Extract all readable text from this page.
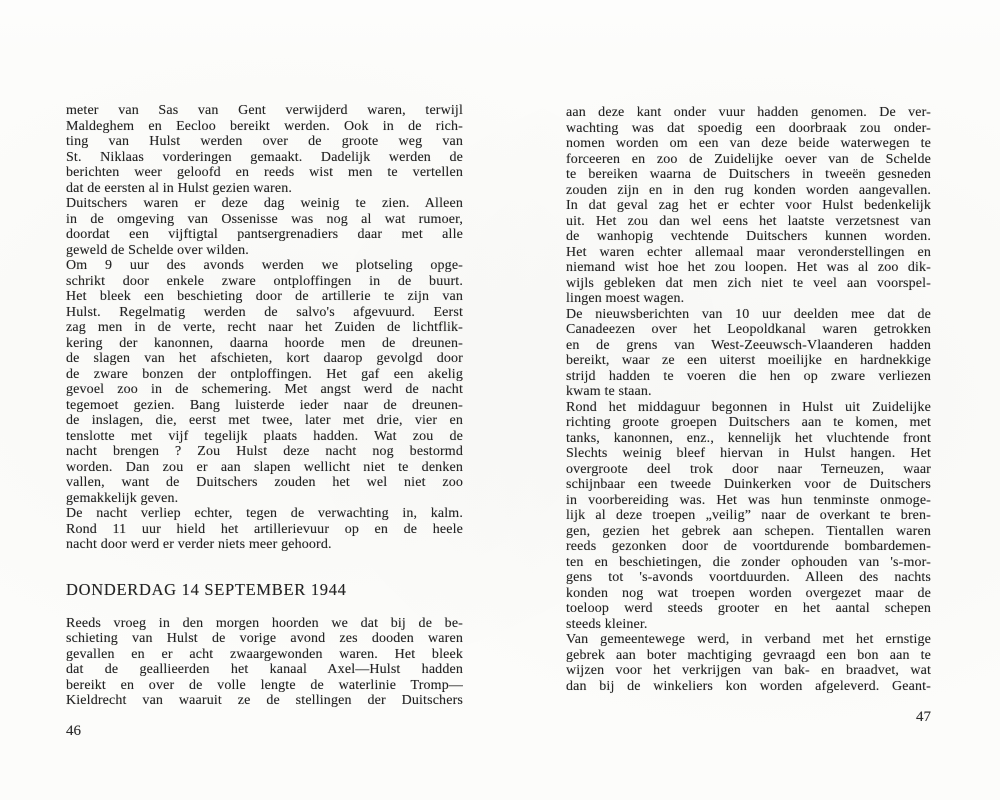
meter van Sas van Gent verwijderd waren, terwijl
Maldeghem en Eecloo bereikt werden. Ook in de rich-
ting van Hulst werden over de groote weg van
St. Niklaas vorderingen gemaakt. Dadelijk werden de
berichten weer geloofd en reeds wist men te vertellen
dat de eersten al in Hulst gezien waren.
Duitschers waren er deze dag weinig te zien. Alleen
in de omgeving van Ossenisse was nog al wat rumoer,
doordat een vijftigtal pantsergrenadiers daar met alle
geweld de Schelde over wilden.
Om 9 uur des avonds werden we plotseling opge-
schrikt door enkele zware ontploffingen in de buurt.
Het bleek een beschieting door de artillerie te zijn van
Hulst. Regelmatig werden de salvo's afgevuurd. Eerst
zag men in de verte, recht naar het Zuiden de lichtflik-
kering der kanonnen, daarna hoorde men de dreunen-
de slagen van het afschieten, kort daarop gevolgd door
de zware bonzen der ontploffingen. Het gaf een akelig
gevoel zoo in de schemering. Met angst werd de nacht
tegemoet gezien. Bang luisterde ieder naar de dreunen-
de inslagen, die, eerst met twee, later met drie, vier en
tenslotte met vijf tegelijk plaats hadden. Wat zou de
nacht brengen ? Zou Hulst deze nacht nog bestormd
worden. Dan zou er aan slapen wellicht niet te denken
vallen, want de Duitschers zouden het wel niet zoo
gemakkelijk geven.
De nacht verliep echter, tegen de verwachting in, kalm.
Rond 11 uur hield het artillerievuur op en de heele
nacht door werd er verder niets meer gehoord.
DONDERDAG 14 SEPTEMBER 1944
Reeds vroeg in den morgen hoorden we dat bij de be-
schieting van Hulst de vorige avond zes dooden waren
gevallen en er acht zwaargewonden waren. Het bleek
dat de geallieerden het kanaal Axel—Hulst hadden
bereikt en over de volle lengte de waterlinie Tromp—
Kieldrecht van waaruit ze de stellingen der Duitschers
46
aan deze kant onder vuur hadden genomen. De ver-
wachting was dat spoedig een doorbraak zou onder-
nomen worden om een van deze beide waterwegen te
forceeren en zoo de Zuidelijke oever van de Schelde
te bereiken waarna de Duitschers in tweeën gesneden
zouden zijn en in den rug konden worden aangevallen.
In dat geval zag het er echter voor Hulst bedenkelijk
uit. Het zou dan wel eens het laatste verzetsnest van
de wanhopig vechtende Duitschers kunnen worden.
Het waren echter allemaal maar veronderstellingen en
niemand wist hoe het zou loopen. Het was al zoo dik-
wijls gebleken dat men zich niet te veel aan voorspel-
lingen moest wagen.
De nieuwsberichten van 10 uur deelden mee dat de
Canadeezen over het Leopoldkanal waren getrokken
en de grens van West-Zeeuwsch-Vlaanderen hadden
bereikt, waar ze een uiterst moeilijke en hardnekkige
strijd hadden te voeren die hen op zware verliezen
kwam te staan.
Rond het middaguur begonnen in Hulst uit Zuidelijke
richting groote groepen Duitschers aan te komen, met
tanks, kanonnen, enz., kennelijk het vluchtende front
Slechts weinig bleef hiervan in Hulst hangen. Het
overgroote deel trok door naar Terneuzen, waar
schijnbaar een tweede Duinkerken voor de Duitschers
in voorbereiding was. Het was hun tenminste onmoge-
lijk al deze troepen „veilig” naar de overkant te bren-
gen, gezien het gebrek aan schepen. Tientallen waren
reeds gezonken door de voortdurende bombardemen-
ten en beschietingen, die zonder ophouden van 's-mor-
gens tot 's-avonds voortduurden. Alleen des nachts
konden nog wat troepen worden overgezet maar de
toeloop werd steeds grooter en het aantal schepen
steeds kleiner.
Van gemeentewege werd, in verband met het ernstige
gebrek aan boter machtiging gevraagd een bon aan te
wijzen voor het verkrijgen van bak- en braadvet, wat
dan bij de winkeliers kon worden afgeleverd. Geant-
47
